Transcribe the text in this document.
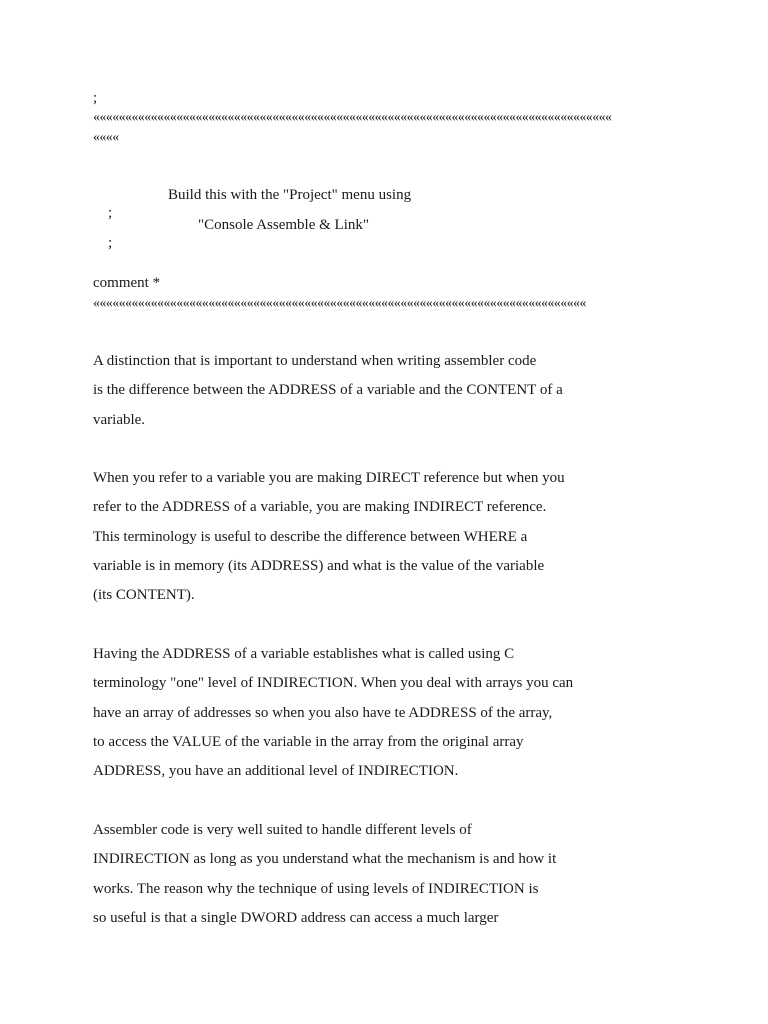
;
«««««««««««««««««««««««««««««««««««««««««««««««««««««««««««««««««««««««««««««««««
««««

;

Build this with the "Project" menu using

;

"Console Assemble & Link"

comment *
«««««««««««««««««««««««««««««««««««««««««««««««««««««««««««««««««««««««««««««
A distinction that is important to understand when writing assembler code
is the difference between the ADDRESS of a variable and the CONTENT of a
variable.
When you refer to a variable you are making DIRECT reference but when you
refer to the ADDRESS of a variable, you are making INDIRECT reference.
This terminology is useful to describe the difference between WHERE a
variable is in memory (its ADDRESS) and what is the value of the variable
(its CONTENT).
Having the ADDRESS of a variable establishes what is called using C
terminology "one" level of INDIRECTION. When you deal with arrays you can
have an array of addresses so when you also have te ADDRESS of the array,
to access the VALUE of the variable in the array from the original array
ADDRESS, you have an additional level of INDIRECTION.
Assembler code is very well suited to handle different levels of
INDIRECTION as long as you understand what the mechanism is and how it
works. The reason why the technique of using levels of INDIRECTION is
so useful is that a single DWORD address can access a much larger
